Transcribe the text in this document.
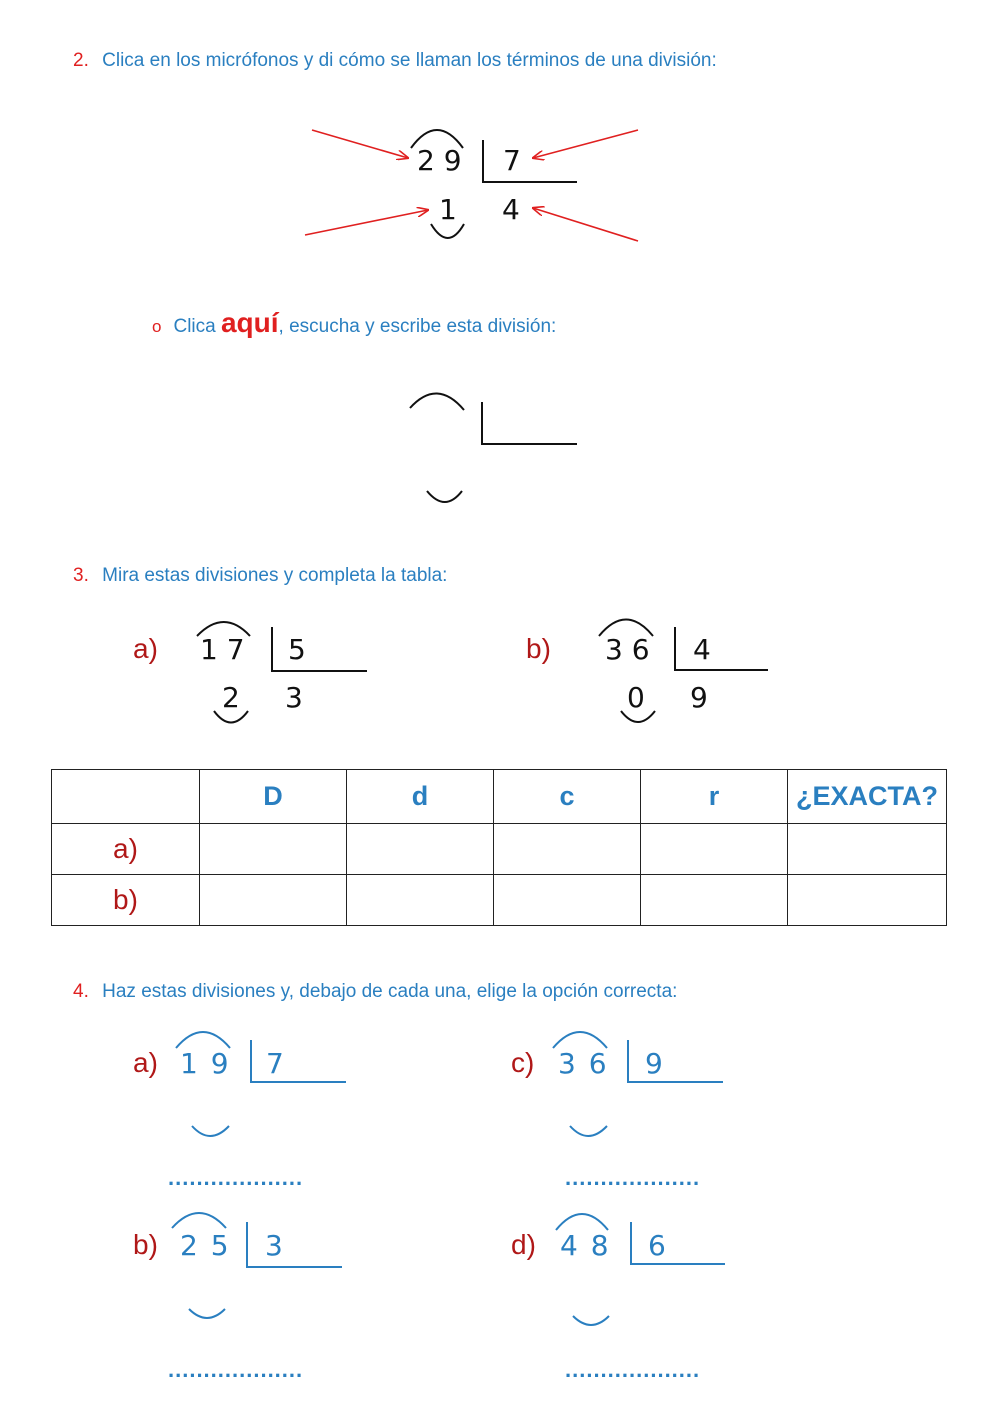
2. Clica en los micrófonos y di cómo se llaman los términos de una división:
2 9 7
1 4
o Clica aquí, escucha y escribe esta división:
3. Mira estas divisiones y completa la tabla:
a) 1 7 5
2 3
b) 3 6 4
0 9
	D	d	c	r	¿EXACTA?
a)					
b)					
4. Haz estas divisiones y, debajo de cada una, elige la opción correcta:
a) 1 9 7
...................
c) 3 6 9
...................
b) 2 5 3
...................
d) 4 8 6
...................
